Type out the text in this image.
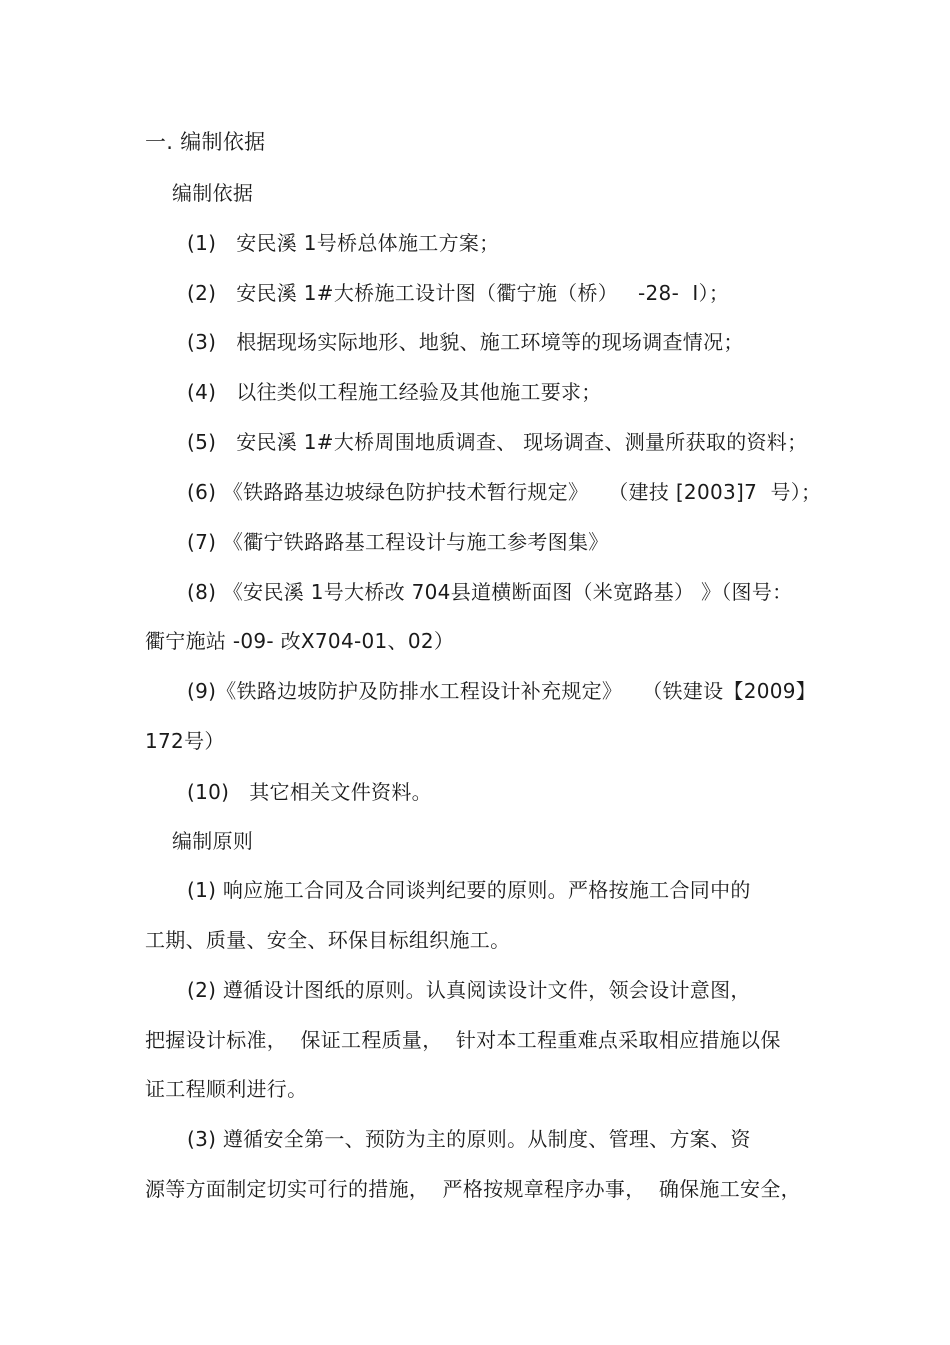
一. 编制依据
编制依据
(1)   安民溪 1号桥总体施工方案；
(2)   安民溪 1#大桥施工设计图（衢宁施（桥）   -28-  Ⅰ）；
(3)   根据现场实际地形、地貌、施工环境等的现场调查情况；
(4)   以往类似工程施工经验及其他施工要求；
(5)   安民溪 1#大桥周围地质调查、 现场调查、测量所获取的资料；
(6) 《铁路路基边坡绿色防护技术暂行规定》   （建技 [2003]7  号）；
(7) 《衢宁铁路路基工程设计与施工参考图集》
(8) 《安民溪 1号大桥改 704县道横断面图（米宽路基） 》（图号：
衢宁施站 -09- 改X704-01、02）
(9)《铁路边坡防护及防排水工程设计补充规定》   （铁建设【2009】
172号）
(10)   其它相关文件资料。
编制原则
(1) 响应施工合同及合同谈判纪要的原则。严格按施工合同中的
工期、质量、安全、环保目标组织施工。
(2) 遵循设计图纸的原则。认真阅读设计文件，领会设计意图，
把握设计标准，  保证工程质量，  针对本工程重难点采取相应措施以保
证工程顺利进行。
(3) 遵循安全第一、预防为主的原则。从制度、管理、方案、资
源等方面制定切实可行的措施，  严格按规章程序办事，  确保施工安全，
